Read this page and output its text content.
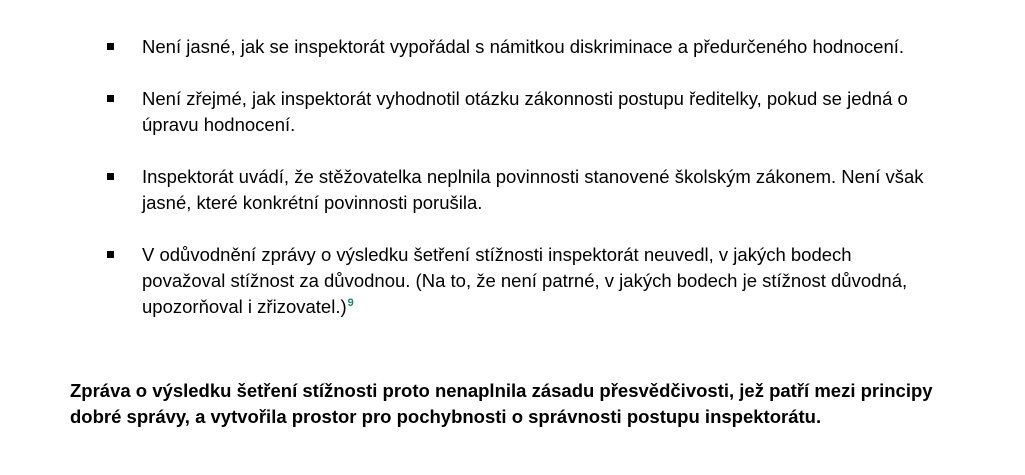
Není jasné, jak se inspektorát vypořádal s námitkou diskriminace a předurčeného hodnocení.
Není zřejmé, jak inspektorát vyhodnotil otázku zákonnosti postupu ředitelky, pokud se jedná o úpravu hodnocení.
Inspektorát uvádí, že stěžovatelka neplnila povinnosti stanovené školským zákonem. Není však jasné, které konkrétní povinnosti porušila.
V odůvodnění zprávy o výsledku šetření stížnosti inspektorát neuvedl, v jakých bodech považoval stížnost za důvodnou. (Na to, že není patrné, v jakých bodech je stížnost důvodná, upozorňoval i zřizovatel.)$^9$

Zpráva o výsledku šetření stížnosti proto nenaplnila zásadu přesvědčivosti, jež patří mezi principy dobré správy, a vytvořila prostor pro pochybnosti o správnosti postupu inspektorátu.
